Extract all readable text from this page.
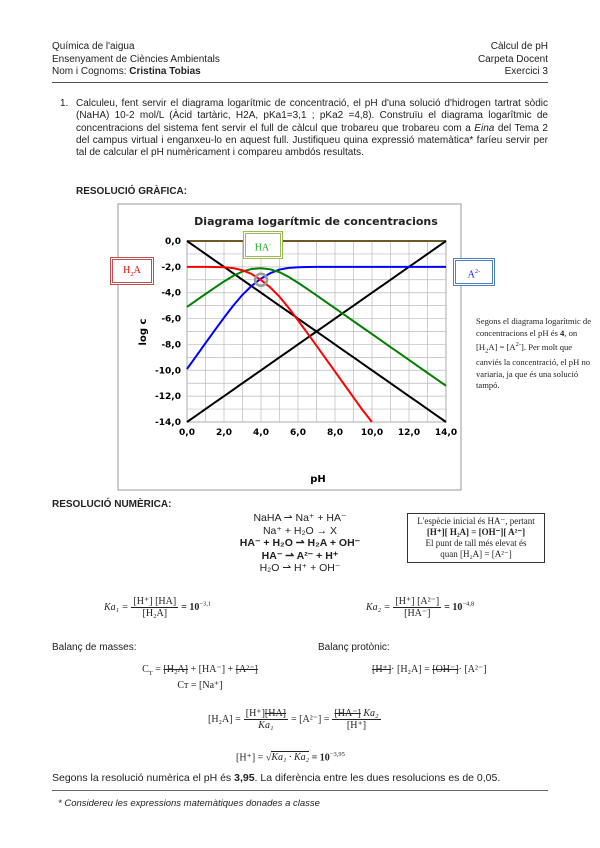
Química de l'aigua
Ensenyament de Ciències Ambientals
Nom i Cognoms: Cristina Tobias
Càlcul de pH
Carpeta Docent
Exercici 3
1. Calculeu, fent servir el diagrama logarítmic de concentració, el pH d'una solució d'hidrogen tartrat sòdic (NaHA) 10-2 mol/L (Àcid tartàric, H2A, pKa1=3,1 ; pKa2 =4,8). Construïu el diagrama logarîtmic de concentracions del sistema fent servir el full de càlcul que trobareu que trobareu com a Eina del Tema 2 del campus virtual i enganxeu-lo en aquest full. Justifiqueu quina expressió matemàtica* faríeu servir per tal de calcular el pH numèricament i compareu ambdós resultats.
RESOLUCIÓ GRÀFICA:
Diagrama logarítmic de concentracions
0,0 2,0 4,0 6,0 8,0 10,0 12,0 14,0
0,0
-2,0
-4,0
-6,0
-8,0
-10,0
-12,0
-14,0
pH
log c
$H_2A$
HA-
$A^{2-}$
Segons el diagrama logarítmic de concentracions el pH és 4, on $[H_2A] = [A^{2-}]$. Per molt que canviés la concentració, el pH no variaria, ja que és una solució tampó.
RESOLUCIÓ NUMÈRICA:
NaHA ⇀ Na⁺ + HA⁻
Na⁺ + H₂O → X
HA⁻ + H₂O ⇀ H₂A + OH⁻
HA⁻ ⇀ A²⁻ + H⁺
H₂O ⇀ H⁺ + OH⁻
L'espècie inicial és HA⁻, pertant
[H⁺][ H₂A] = [OH⁻][ A²⁻]
El punt de tall més elevat és
quan [H₂A] = [A²⁻]
$Ka_1 = \frac{[H^+] [HA]}{\text{[H₂A]}} = 10^{-3,1}$	$Ka_2 = \frac{\text{[H⁺] [A²⁻]}}{[HA^-]} = 10^{-4,8}$
Balanç de masses:	Balanç protònic:
$C_T = [H_2A] + [HA^-] + [A^{2-}]$
Cᴛ = [Na⁺]
[H⁺]· [H₂A] = [OH⁻]· [A²⁻]
$[H_2A] = \frac{[H^+][HA]}{\text{Ka₁}} = [A^{2-}] = \frac{\text{[HA⁻] Ka₂}}{[H^+]}$
$[H^+] = √Ka_1 \cdot Ka_2 = 10^{-3,95}$
Segons la resolució numèrica el pH és 3,95. La diferència entre les dues resolucions es de 0,05.
* Considereu les expressions matemàtiques donades a classe
